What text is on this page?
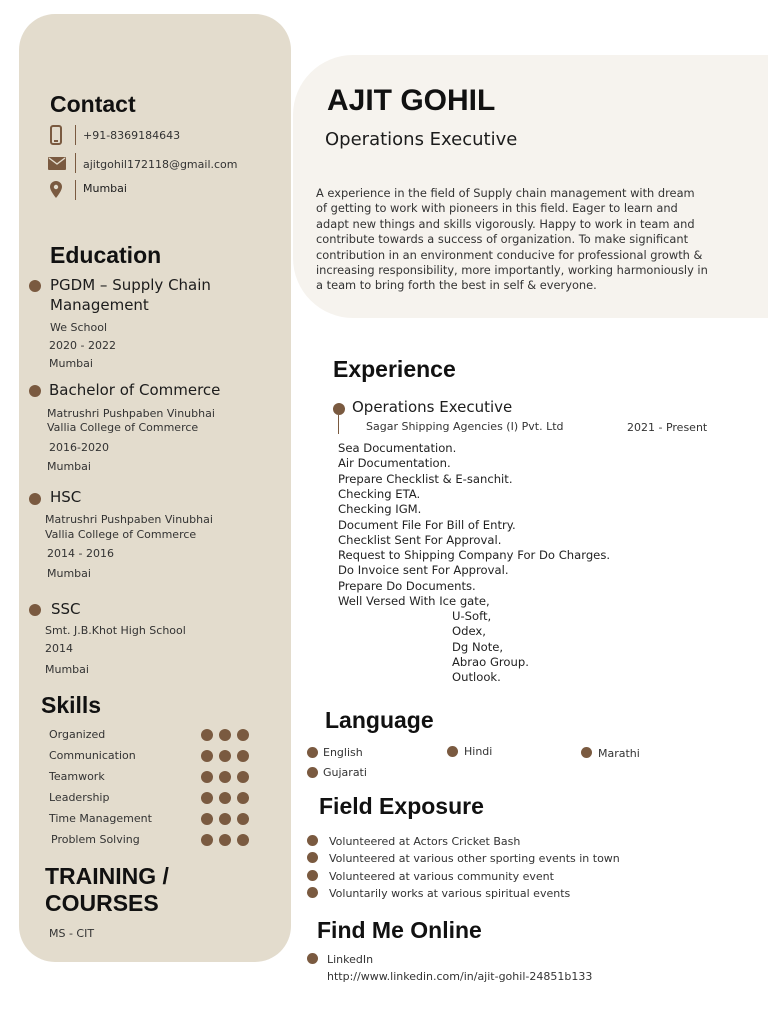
Contact
+91-8369184643
ajitgohil172118@gmail.com
Mumbai
Education
PGDM – Supply Chain
Management
We School
2020 - 2022
Mumbai
Bachelor of Commerce
Matrushri Pushpaben Vinubhai
Vallia College of Commerce
2016-2020
Mumbai
HSC
Matrushri Pushpaben Vinubhai
Vallia College of Commerce
2014 - 2016
Mumbai
SSC
Smt. J.B.Khot High School
2014
Mumbai
Skills
Organized
Communication
Teamwork
Leadership
Time Management
Problem Solving
TRAINING /
COURSES
MS - CIT
AJIT GOHIL
Operations Executive
A experience in the field of Supply chain management with dream
of getting to work with pioneers in this field. Eager to learn and
adapt new things and skills vigorously. Happy to work in team and
contribute towards a success of organization. To make significant
contribution in an environment conducive for professional growth &
increasing responsibility, more importantly, working harmoniously in
a team to bring forth the best in self & everyone.
Experience
Operations Executive
Sagar Shipping Agencies (I) Pvt. Ltd	2021 - Present
Sea Documentation.
Air Documentation.
Prepare Checklist & E-sanchit.
Checking ETA.
Checking IGM.
Document File For Bill of Entry.
Checklist Sent For Approval.
Request to Shipping Company For Do Charges.
Do Invoice sent For Approval.
Prepare Do Documents.
Well Versed With Ice gate,
U-Soft,
Odex,
Dg Note,
Abrao Group.
Outlook.
Language
English	Hindi	Marathi
Gujarati
Field Exposure
Volunteered at Actors Cricket Bash
Volunteered at various other sporting events in town
Volunteered at various community event
Voluntarily works at various spiritual events
Find Me Online
LinkedIn
http://www.linkedin.com/in/ajit-gohil-24851b133
